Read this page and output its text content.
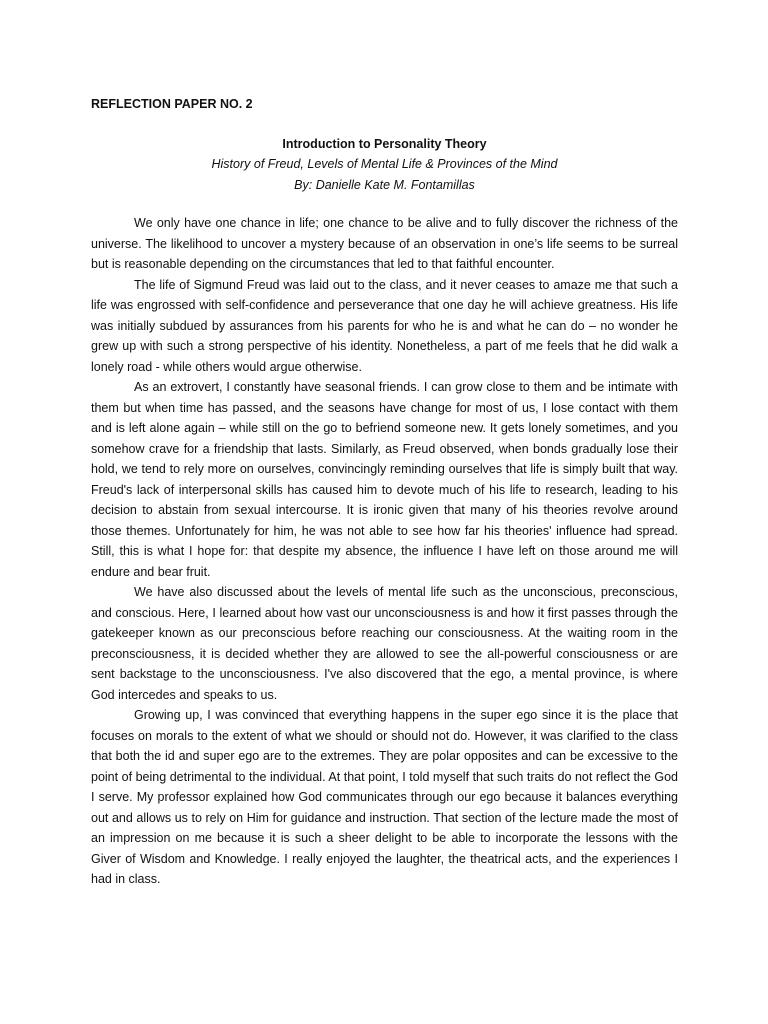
REFLECTION PAPER NO. 2
Introduction to Personality Theory
History of Freud, Levels of Mental Life & Provinces of the Mind
By: Danielle Kate M. Fontamillas

We only have one chance in life; one chance to be alive and to fully discover the richness of the universe. The likelihood to uncover a mystery because of an observation in one’s life seems to be surreal but is reasonable depending on the circumstances that led to that faithful encounter.

The life of Sigmund Freud was laid out to the class, and it never ceases to amaze me that such a life was engrossed with self-confidence and perseverance that one day he will achieve greatness. His life was initially subdued by assurances from his parents for who he is and what he can do – no wonder he grew up with such a strong perspective of his identity. Nonetheless, a part of me feels that he did walk a lonely road - while others would argue otherwise.

As an extrovert, I constantly have seasonal friends. I can grow close to them and be intimate with them but when time has passed, and the seasons have change for most of us, I lose contact with them and is left alone again – while still on the go to befriend someone new. It gets lonely sometimes, and you somehow crave for a friendship that lasts. Similarly, as Freud observed, when bonds gradually lose their hold, we tend to rely more on ourselves, convincingly reminding ourselves that life is simply built that way. Freud's lack of interpersonal skills has caused him to devote much of his life to research, leading to his decision to abstain from sexual intercourse. It is ironic given that many of his theories revolve around those themes. Unfortunately for him, he was not able to see how far his theories' influence had spread. Still, this is what I hope for: that despite my absence, the influence I have left on those around me will endure and bear fruit.

We have also discussed about the levels of mental life such as the unconscious, preconscious, and conscious. Here, I learned about how vast our unconsciousness is and how it first passes through the gatekeeper known as our preconscious before reaching our consciousness. At the waiting room in the preconsciousness, it is decided whether they are allowed to see the all-powerful consciousness or are sent backstage to the unconsciousness. I've also discovered that the ego, a mental province, is where God intercedes and speaks to us.

Growing up, I was convinced that everything happens in the super ego since it is the place that focuses on morals to the extent of what we should or should not do. However, it was clarified to the class that both the id and super ego are to the extremes. They are polar opposites and can be excessive to the point of being detrimental to the individual. At that point, I told myself that such traits do not reflect the God I serve. My professor explained how God communicates through our ego because it balances everything out and allows us to rely on Him for guidance and instruction. That section of the lecture made the most of an impression on me because it is such a sheer delight to be able to incorporate the lessons with the Giver of Wisdom and Knowledge. I really enjoyed the laughter, the theatrical acts, and the experiences I had in class.
